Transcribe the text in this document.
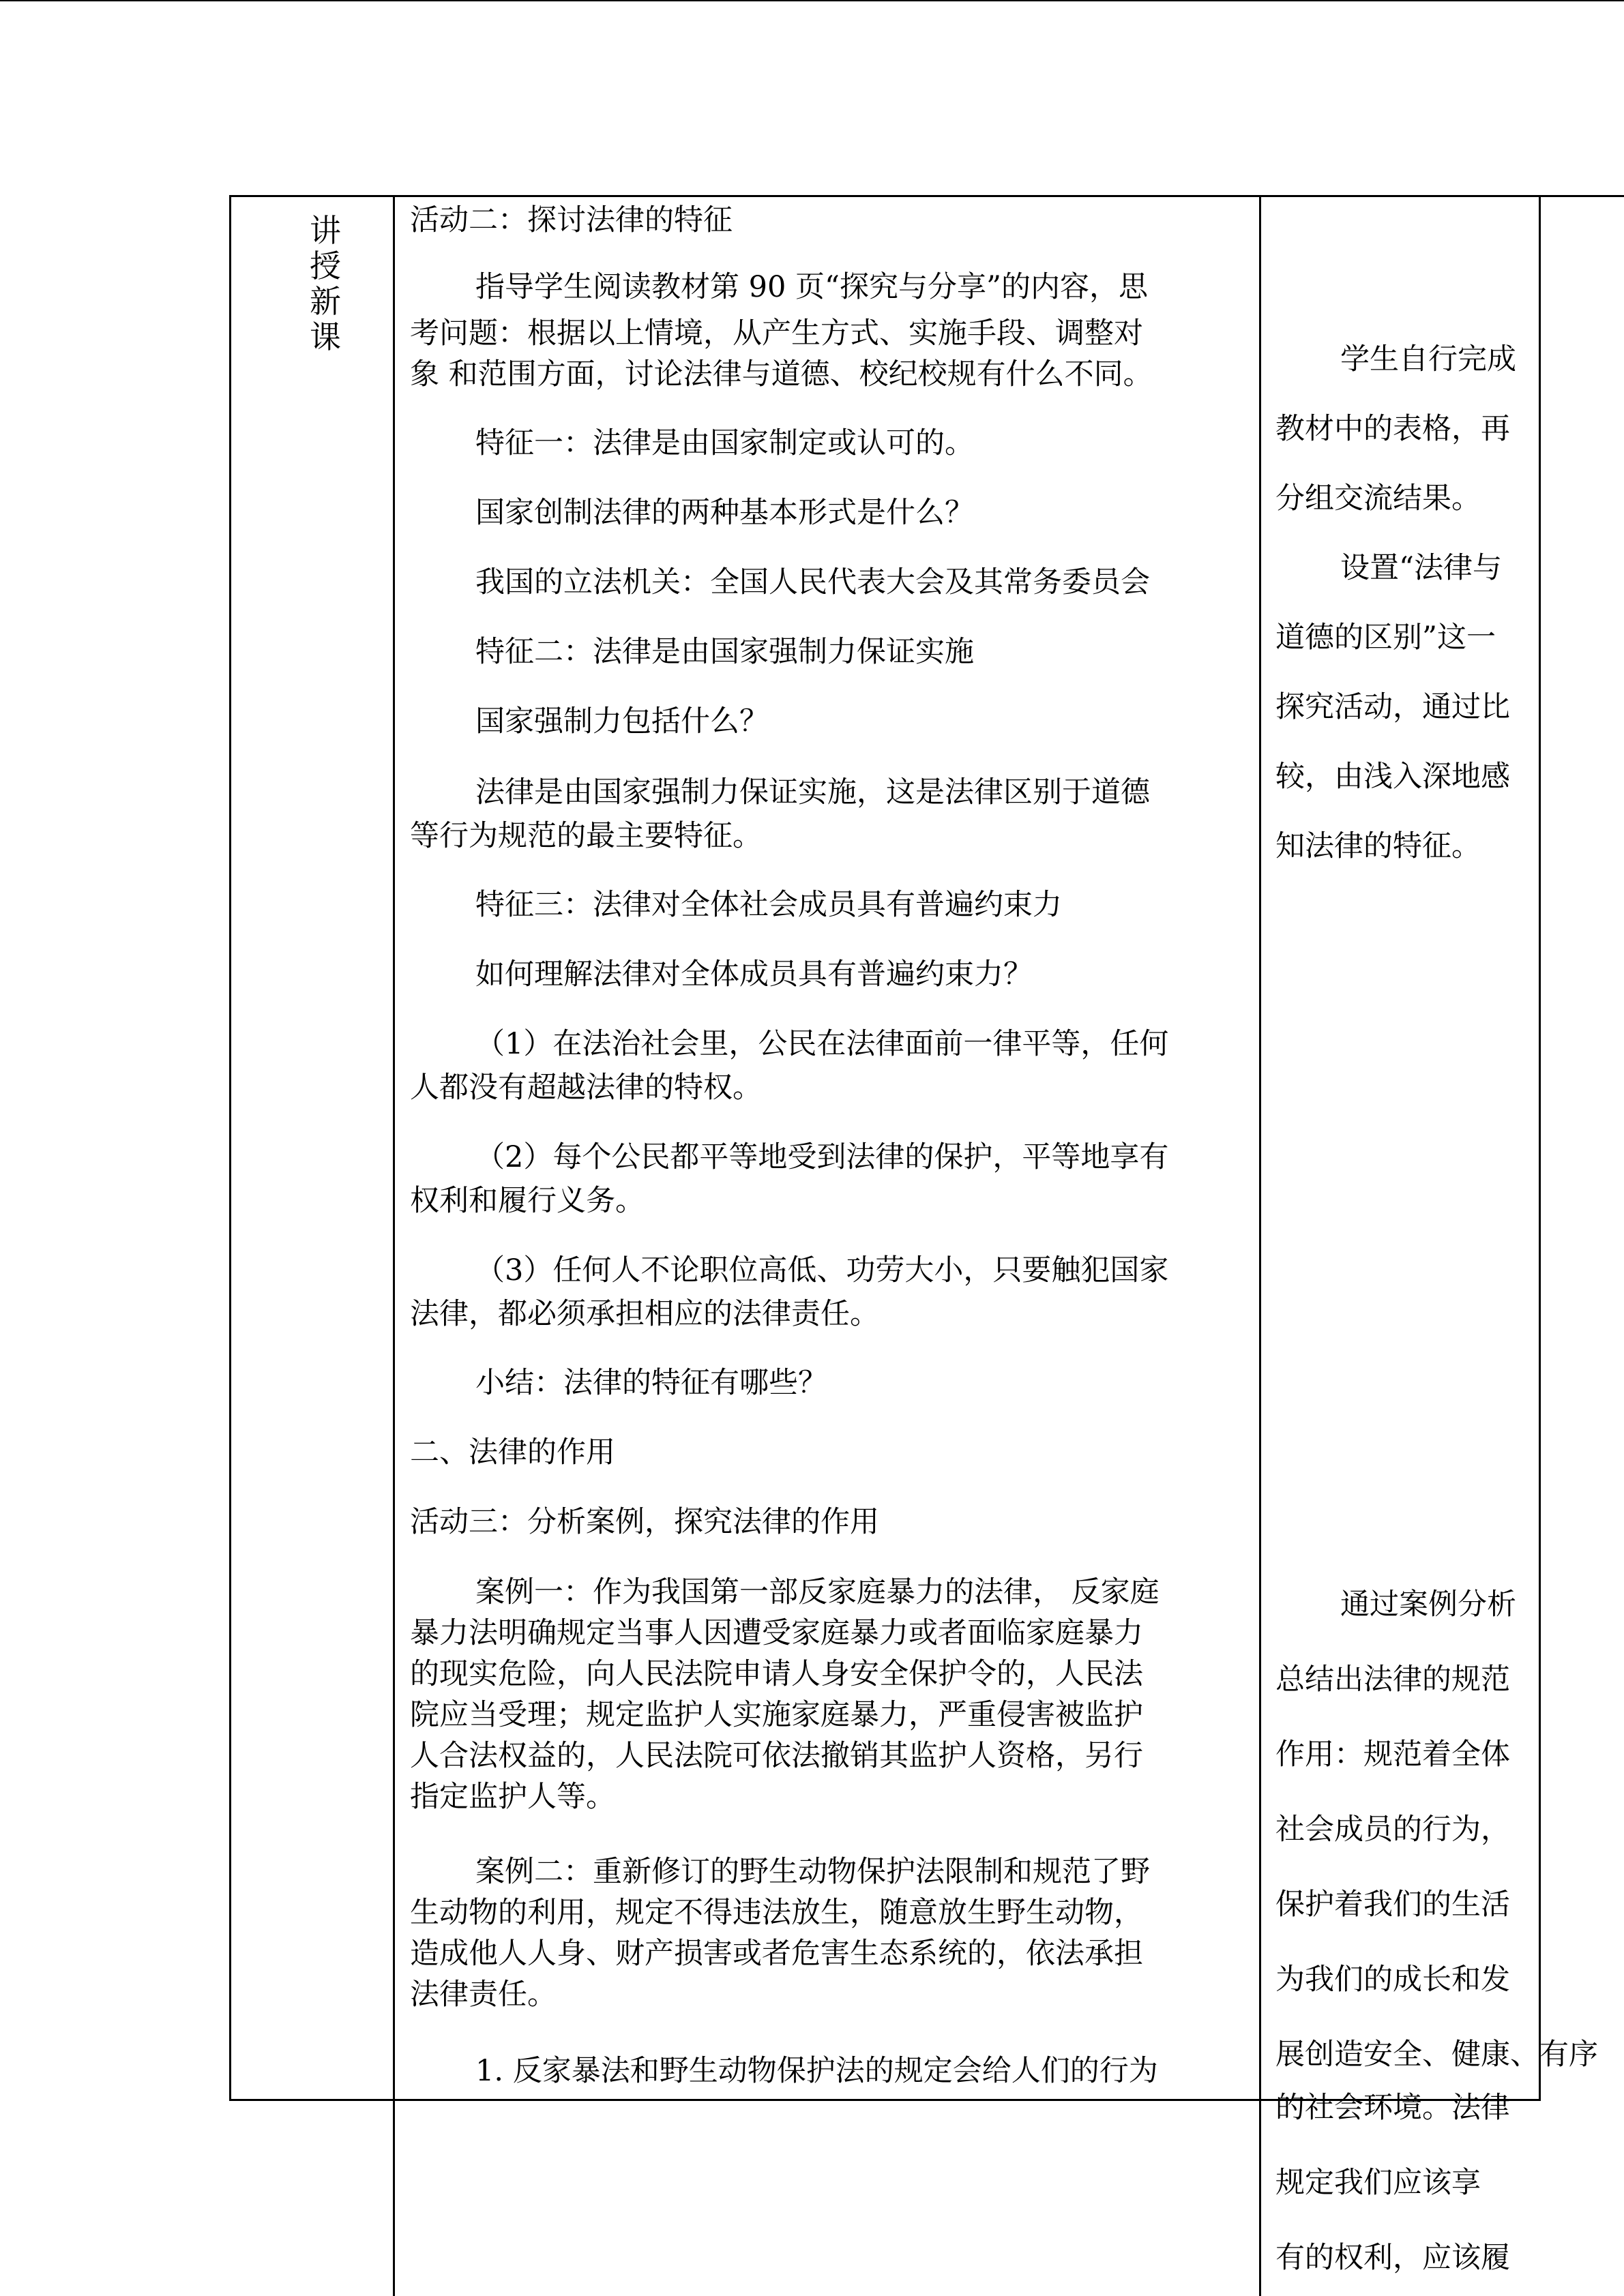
讲授新课
活动二：探讨法律的特征
指导学生阅读教材第 90 页“探究与分享”的内容，思
考问题：根据以上情境，从产生方式、实施手段、调整对
象 和范围方面，讨论法律与道德、校纪校规有什么不同。
特征一：法律是由国家制定或认可的。
国家创制法律的两种基本形式是什么？
我国的立法机关：全国人民代表大会及其常务委员会
特征二：法律是由国家强制力保证实施
国家强制力包括什么？
法律是由国家强制力保证实施，这是法律区别于道德
等行为规范的最主要特征。
特征三：法律对全体社会成员具有普遍约束力
如何理解法律对全体成员具有普遍约束力？
（1）在法治社会里，公民在法律面前一律平等，任何
人都没有超越法律的特权。
（2）每个公民都平等地受到法律的保护，平等地享有
权利和履行义务。
（3）任何人不论职位高低、功劳大小，只要触犯国家
法律，都必须承担相应的法律责任。
小结：法律的特征有哪些？
二、法律的作用
活动三：分析案例，探究法律的作用
案例一：作为我国第一部反家庭暴力的法律， 反家庭
暴力法明确规定当事人因遭受家庭暴力或者面临家庭暴力
的现实危险，向人民法院申请人身安全保护令的，人民法
院应当受理；规定监护人实施家庭暴力，严重侵害被监护
人合法权益的，人民法院可依法撤销其监护人资格，另行
指定监护人等。
案例二：重新修订的野生动物保护法限制和规范了野
生动物的利用，规定不得违法放生，随意放生野生动物，
造成他人人身、财产损害或者危害生态系统的，依法承担
法律责任。
1. 反家暴法和野生动物保护法的规定会给人们的行为
学生自行完成
教材中的表格，再
分组交流结果。
设置“法律与
道德的区别”这一
探究活动，通过比
较，由浅入深地感
知法律的特征。
通过案例分析
总结出法律的规范
作用：规范着全体
社会成员的行为，
保护着我们的生活
为我们的成长和发
展创造安全、健康、有序
的社会环境。法律
规定我们应该享
有的权利，应该履
